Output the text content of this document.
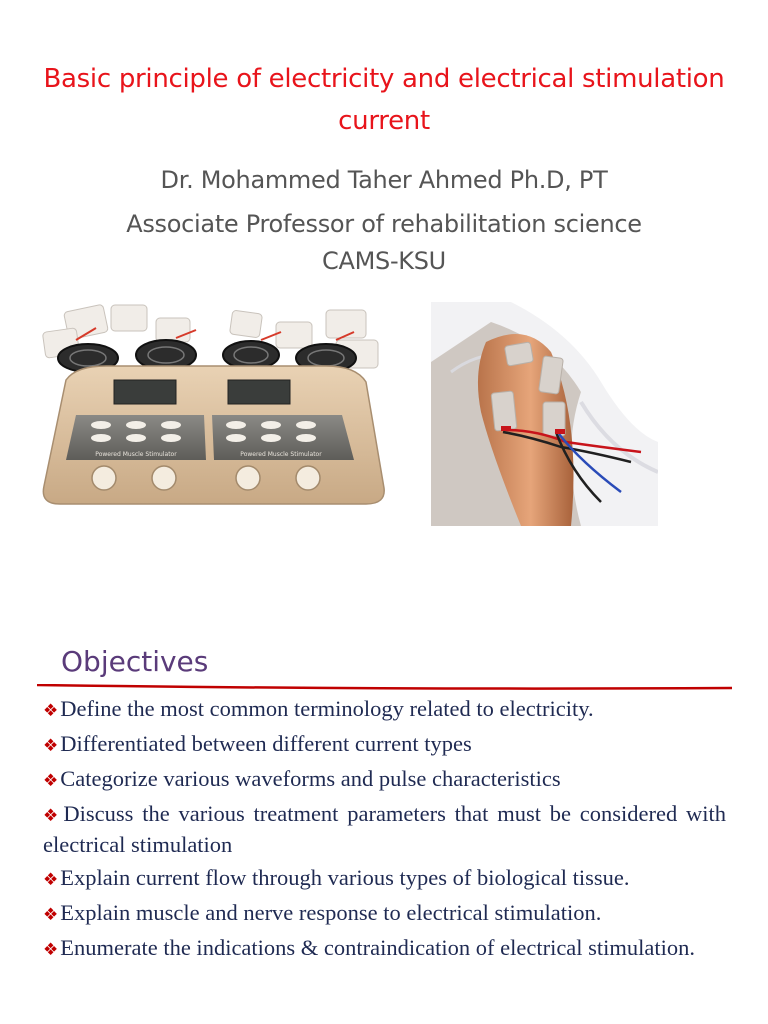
Basic principle of electricity and electrical stimulation current
Dr. Mohammed Taher Ahmed Ph.D, PT
Associate Professor of rehabilitation science
CAMS-KSU
Powered Muscle Stimulator	Powered Muscle Stimulator
Objectives
❖Define the most common terminology related to electricity.
❖Differentiated between different current types
❖Categorize various waveforms and pulse characteristics
❖Discuss the various treatment parameters that must be considered with electrical stimulation
❖Explain current flow through various types of biological tissue.
❖Explain muscle and nerve response to electrical stimulation.
❖Enumerate the indications & contraindication of electrical stimulation.
